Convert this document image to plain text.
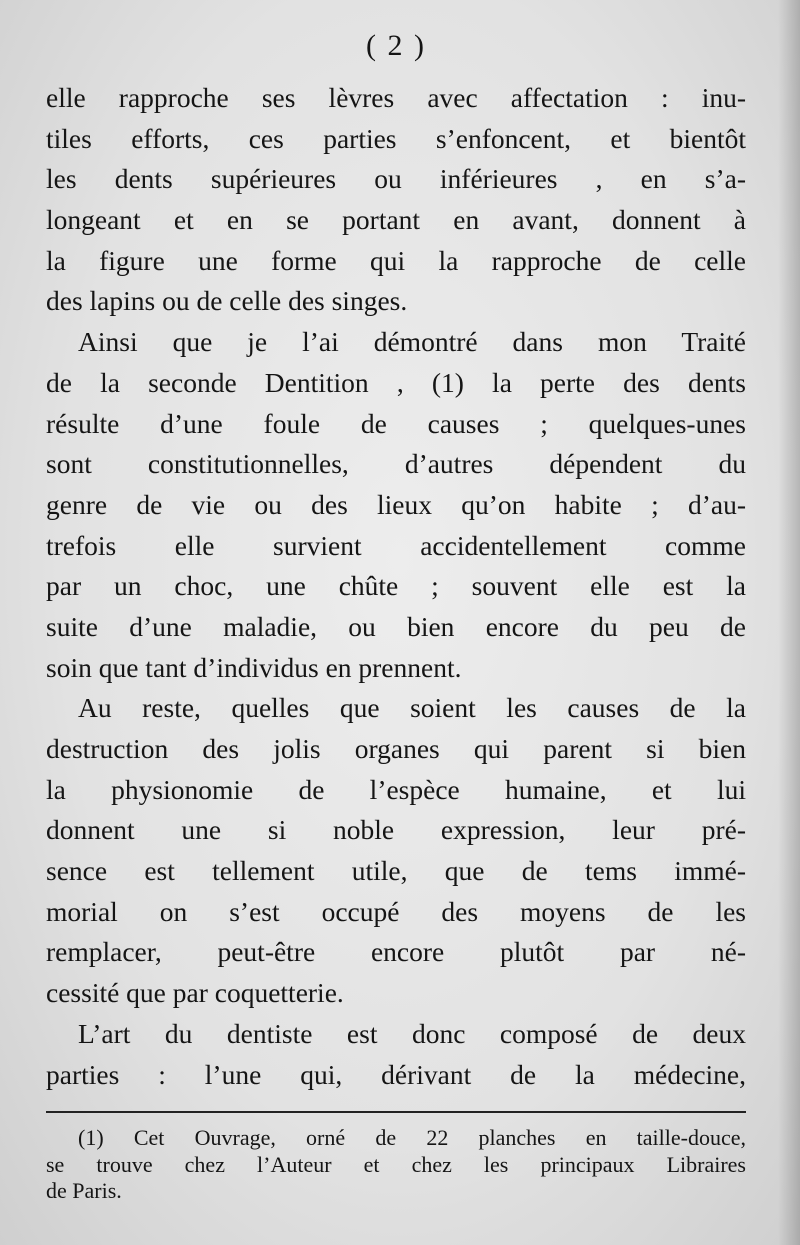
( 2 )
elle rapproche ses lèvres avec affectation : inu-
tiles efforts, ces parties s’enfoncent, et bientôt
les dents supérieures ou inférieures , en s’a-
longeant et en se portant en avant, donnent à
la figure une forme qui la rapproche de celle
des lapins ou de celle des singes.
Ainsi que je l’ai démontré dans mon Traité
de la seconde Dentition , (1) la perte des dents
résulte d’une foule de causes ; quelques-unes
sont constitutionnelles, d’autres dépendent du
genre de vie ou des lieux qu’on habite ; d’au-
trefois elle survient accidentellement comme
par un choc, une chûte ; souvent elle est la
suite d’une maladie, ou bien encore du peu de
soin que tant d’individus en prennent.
Au reste, quelles que soient les causes de la
destruction des jolis organes qui parent si bien
la physionomie de l’espèce humaine, et lui
donnent une si noble expression, leur pré-
sence est tellement utile, que de tems immé-
morial on s’est occupé des moyens de les
remplacer, peut-être encore plutôt par né-
cessité que par coquetterie.
L’art du dentiste est donc composé de deux
parties : l’une qui, dérivant de la médecine,
(1) Cet Ouvrage, orné de 22 planches en taille-douce,
se trouve chez l’Auteur et chez les principaux Libraires
de Paris.
